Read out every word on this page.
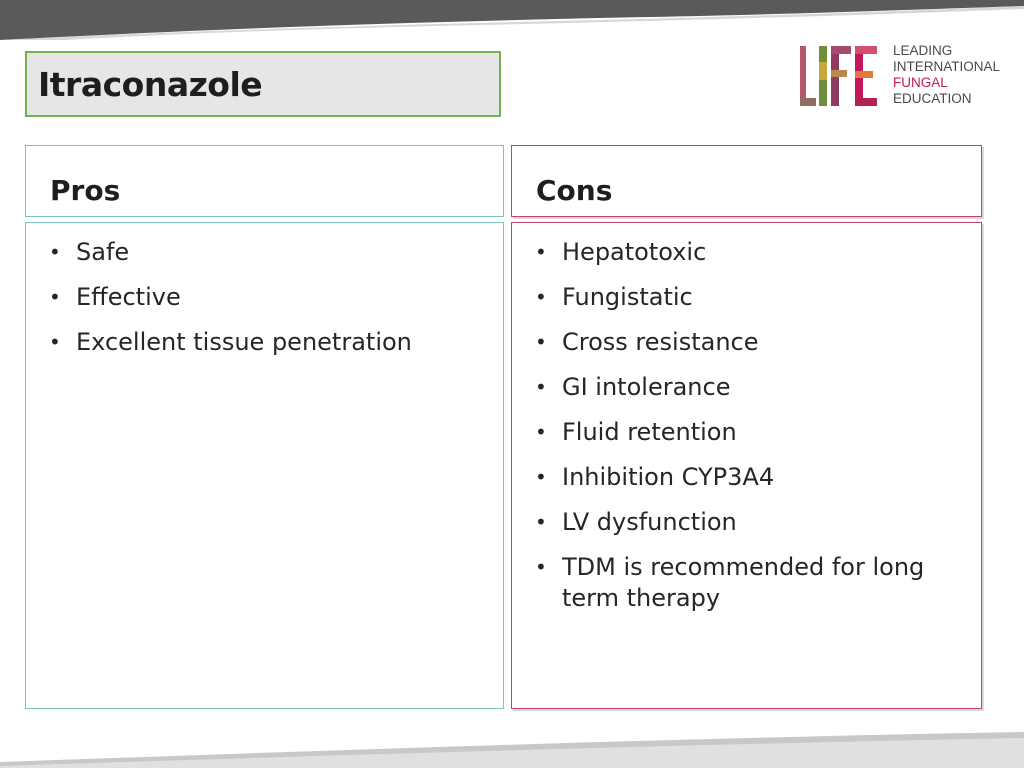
Itraconazole
LEADING
INTERNATIONAL
FUNGAL
EDUCATION
Pros
• Safe
• Effective
• Excellent tissue penetration
Cons
• Hepatotoxic
• Fungistatic
• Cross resistance
• GI intolerance
• Fluid retention
• Inhibition CYP3A4
• LV dysfunction
• TDM is recommended for long term therapy
